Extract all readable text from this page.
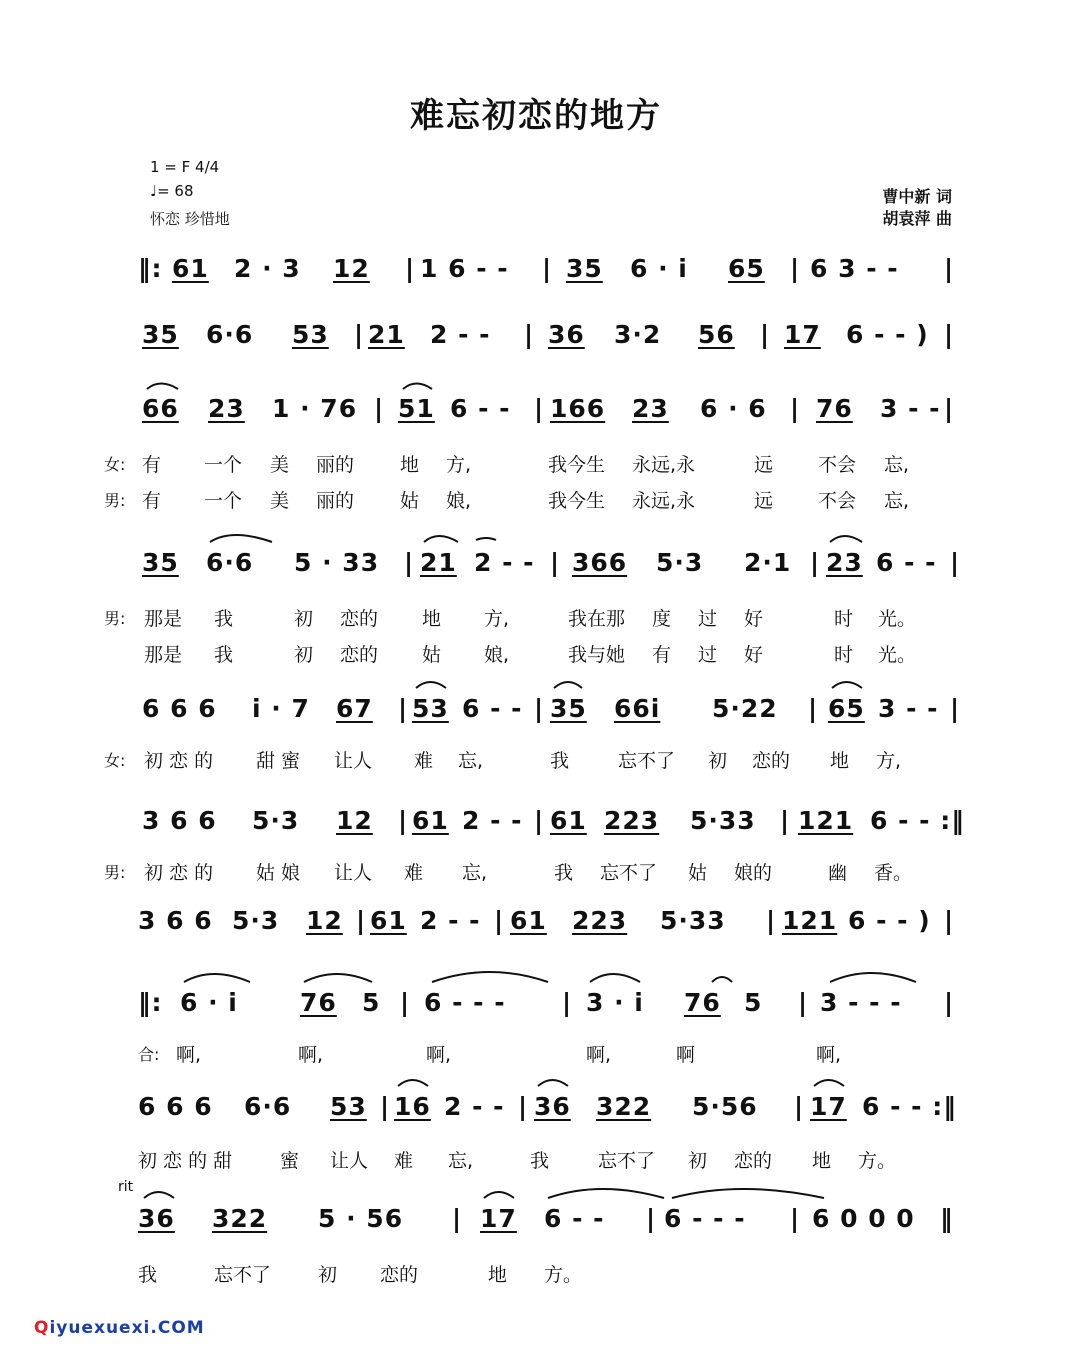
难忘初恋的地方
1 = F 4/4
♩= 68
怀恋 珍惜地
曹中新 词
胡袁萍 曲
‖: 61 2 · 3 12 | 1 6 - - | 35 6 · i 65 | 6 3 - - |
35 6·6 53 | 21 2 - - | 36 3·2 56 | 17 6 - - ) |
66 23 1 · 76 | 51 6 - - | 166 23 6 · 6 | 76 3 - - |
女: 有 一个 美 丽的 地 方,	我今生 永远,永	远 不会 忘,
男: 有 一个 美 丽的 姑 娘,	我今生 永远,永	远 不会 忘,
35 6·6 5 · 33 | 21 2 - - | 366 5·3 2·1 | 23 6 - - |
男: 那是 我	初 恋的 地 方,	我在那 度 过 好	时 光。
那是 我	初 恋的 姑 娘,	我与她 有 过 好	时 光。
6 6 6 i · 7 67 | 53 6 - - | 35 66i 5·22 | 65 3 - - |
女: 初 恋 的 甜 蜜 让人 难 忘,	我	忘不了 初 恋的 地 方,
3 6 6 5·3 12 | 61 2 - - | 61 223 5·33 | 121 6 - - :‖
男: 初 恋 的 姑 娘 让人 难 忘,	我 忘不了 姑 娘的	幽 香。
3 6 6 5·3 12 | 61 2 - - | 61 223 5·33 | 121 6 - - ) |
‖: 6 · i 76 5 | 6 - - - | 3 · i 76 5 | 3 - - - |
合: 啊,	啊,	啊,	啊,	啊	啊,
6 6 6 6·6 53 | 16 2 - - | 36 322 5·56 | 17 6 - - :‖
初 恋 的 甜	蜜 让人 难 忘,	我	忘不了 初 恋的 地 方。
rit
36 322 5 · 56 | 17 6 - - | 6 - - - | 6 0 0 0 ‖
我	忘不了 初 恋的	地 方。
Qiyuexuexi.COM
